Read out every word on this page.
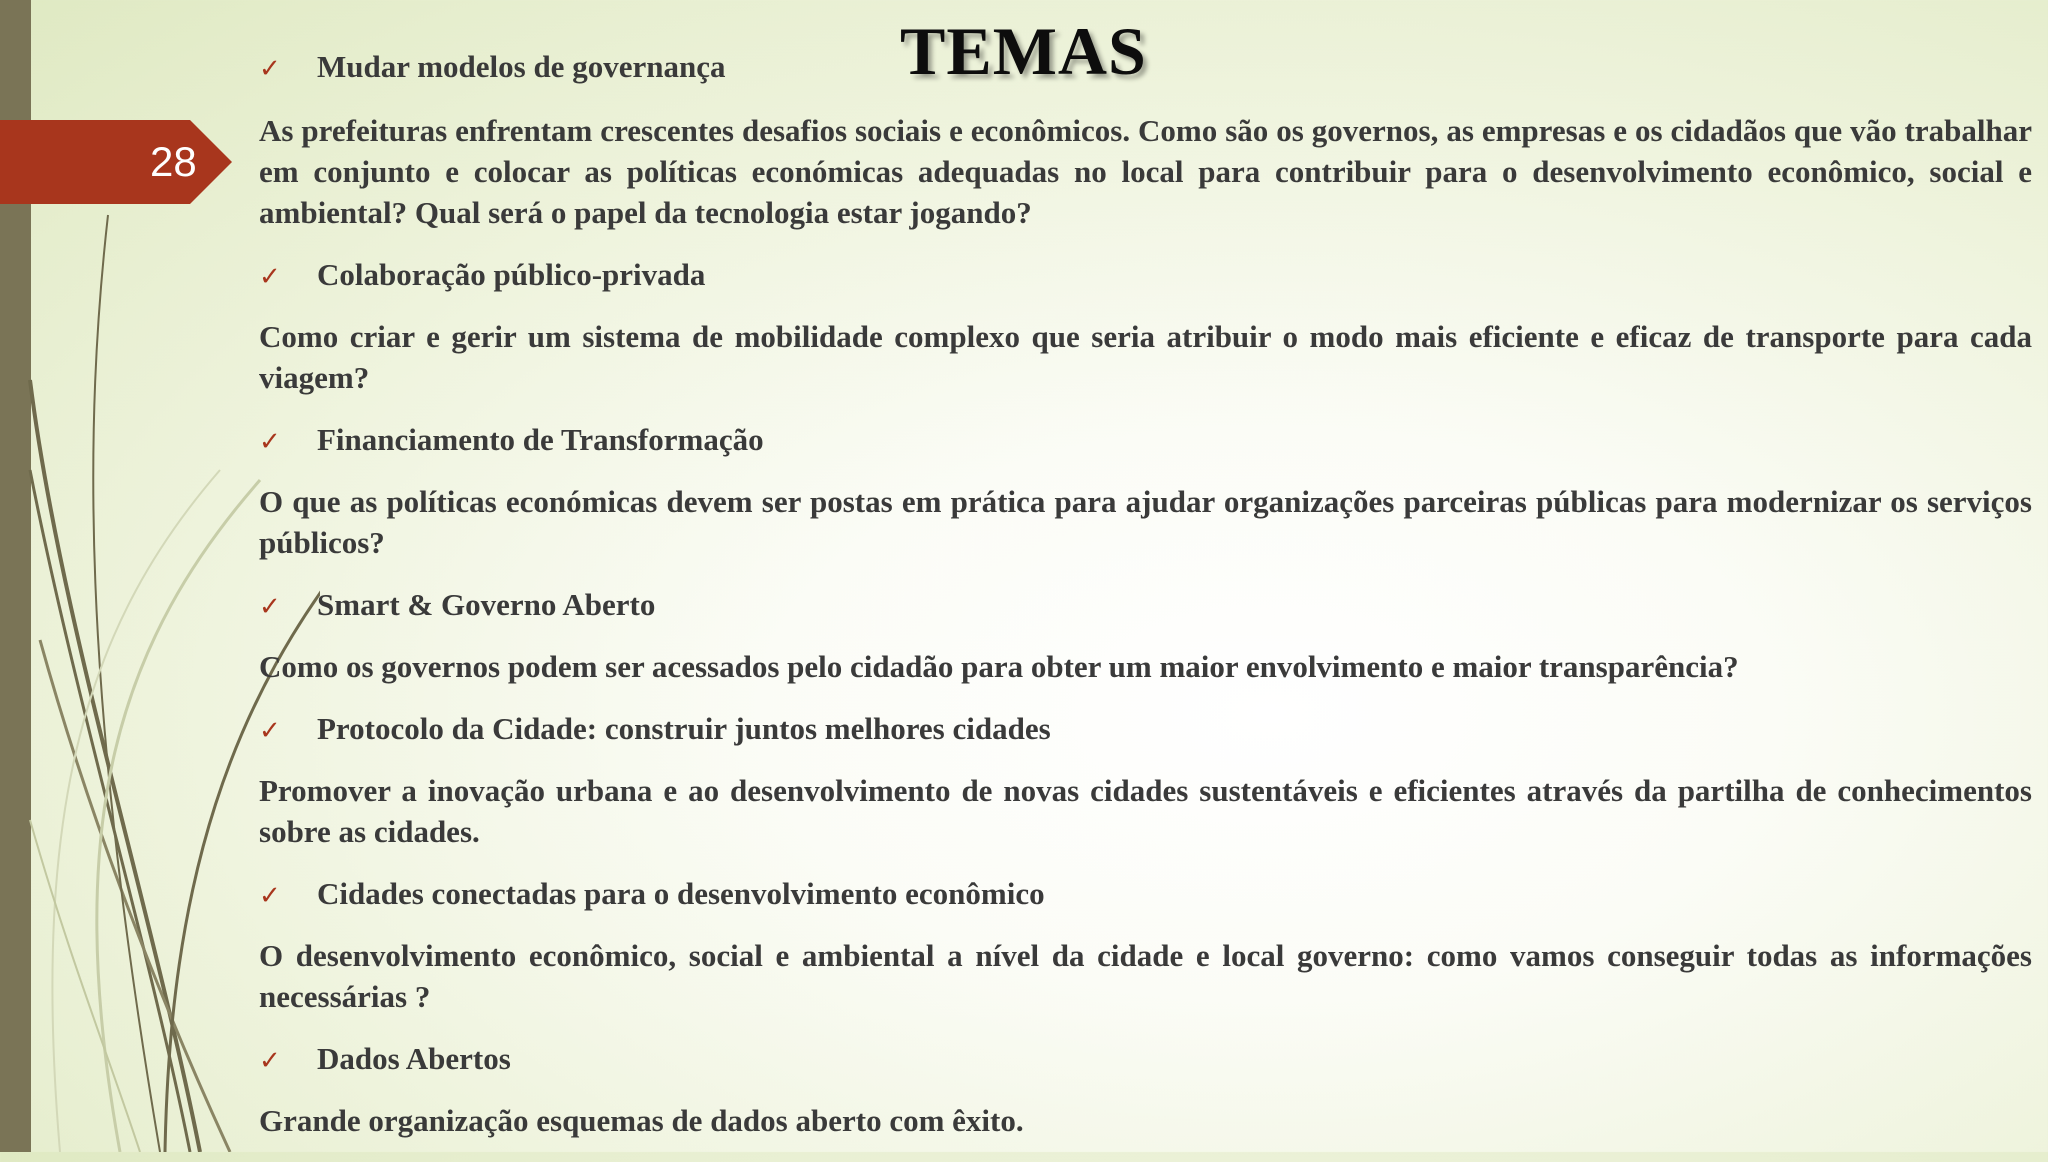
28
TEMAS
✓	Mudar modelos de governança
As prefeituras enfrentam crescentes desafios sociais e econômicos. Como são os governos, as empresas e os cidadãos que vão trabalhar em conjunto e colocar as políticas económicas adequadas no local para contribuir para o desenvolvimento econômico, social e ambiental? Qual será o papel da tecnologia estar jogando?
✓	Colaboração público-privada
Como criar e gerir um sistema de mobilidade complexo que seria atribuir o modo mais eficiente e eficaz de transporte para cada viagem?
✓	Financiamento de Transformação
O que as políticas económicas devem ser postas em prática para ajudar organizações parceiras públicas para modernizar os serviços públicos?
✓	Smart & Governo Aberto
Como os governos podem ser acessados pelo cidadão para obter um maior envolvimento e maior transparência?
✓	Protocolo da Cidade: construir juntos melhores cidades
Promover a inovação urbana e ao desenvolvimento de novas cidades sustentáveis e eficientes através da partilha de conhecimentos sobre as cidades.
✓	Cidades conectadas para o desenvolvimento econômico
O desenvolvimento econômico, social e ambiental a nível da cidade e local governo: como vamos conseguir todas as informações necessárias ?
✓	Dados Abertos
Grande organização esquemas de dados aberto com êxito.
